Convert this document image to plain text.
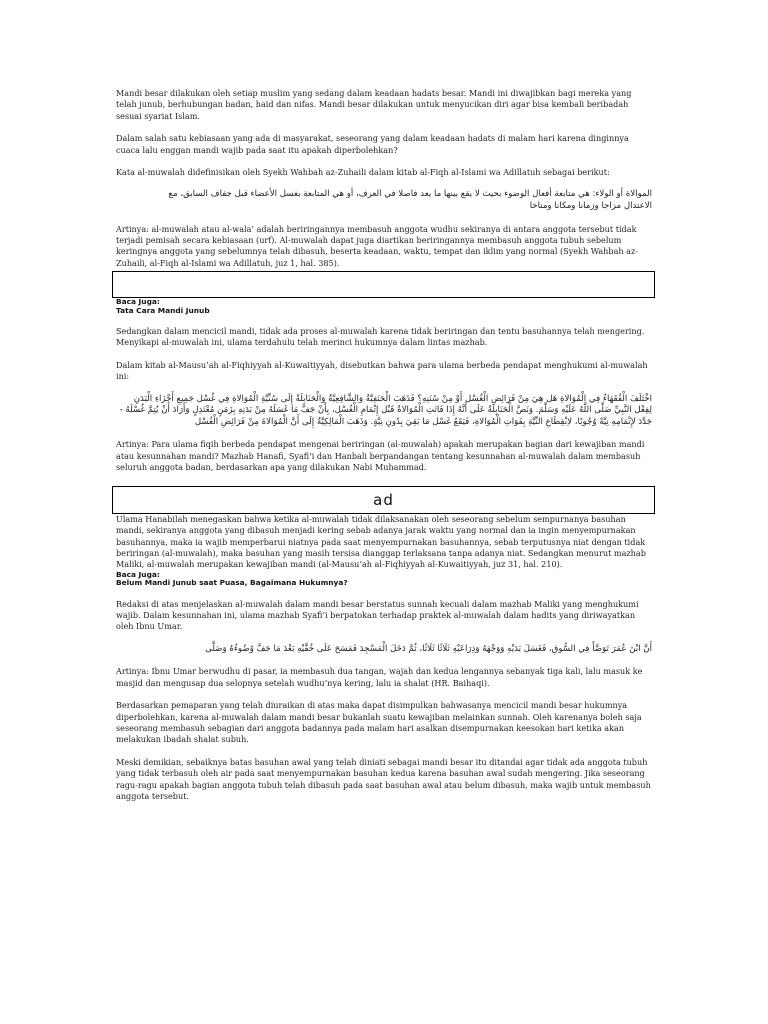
Mandi besar dilakukan oleh setiap muslim yang sedang dalam keadaan hadats besar. Mandi ini diwajibkan bagi mereka yang telah junub, berhubungan badan, haid dan nifas. Mandi besar dilakukan untuk menyucikan diri agar bisa kembali beribadah sesuai syariat Islam.

Dalam salah satu kebiasaan yang ada di masyarakat, seseorang yang dalam keadaan hadats di malam hari karena dinginnya cuaca lalu enggan mandi wajib pada saat itu apakah diperbolehkan?

Kata al-muwalah didefinisikan oleh Syekh Wahbah az-Zuhaili dalam kitab al-Fiqh al-Islami wa Adillatuh sebagai berikut:

الموالاة أو الولاء: هي متابعة أفعال الوضوء بحيث لا يقع بينها ما يعد فاصلا في العرف، أو هي المتابعة بغسل الأعضاء قبل جفاف السابق، مع الاعتدال مزاجا وزمانا ومكانا ومناخا

Artinya: al-muwalah atau al-wala’ adalah beriringannya membasuh anggota wudhu sekiranya di antara anggota tersebut tidak terjadi pemisah secara kebiasaan (urf). Al-muwalah dapat juga diartikan beriringannya membasuh anggota tubuh sebelum keringnya anggota yang sebelumnya telah dibasuh, beserta keadaan, waktu, tempat dan iklim yang normal (Syekh Wahbah az-Zuhaili, al-Fiqh al-Islami wa Adillatuh, juz 1, hal. 385).

Baca Juga:
Tata Cara Mandi Junub

Sedangkan dalam mencicil mandi, tidak ada proses al-muwalah karena tidak beriringan dan tentu basuhannya telah mengering. Menyikapi al-muwalah ini, ulama terdahulu telah merinci hukumnya dalam lintas mazhab.

Dalam kitab al-Mausu’ah al-Fiqhiyyah al-Kuwaitiyyah, disebutkan bahwa para ulama berbeda pendapat menghukumi al-muwalah ini:

اخْتَلَفَ الْفُقَهَاءُ فِي الْمُوَالاةِ هَل هِيَ مِنْ فَرَائِضِ الْغُسْل أَوْ مِنْ سُنَنِهِ؟ فَذَهَبَ الْحَنَفِيَّةُ وَالشَّافِعِيَّةُ وَالْحَنَابِلَةُ إِلَى سُنِّيَّةِ الْمُوَالاةِ فِي غُسْل جَمِيعِ أَجْزَاءِ الْبَدَنِ لِفِعْل النَّبِيِّ صَلَّى اللَّهُ عَلَيْهِ وَسَلَّمَ. وَنَصَّ الْحَنَابِلَةُ عَلَى أَنَّهُ إِذَا فَاتَتِ الْمُوَالاةُ قَبْل إِتْمَامِ الْغُسْل، بِأَنْ جَفَّ مَا غَسَلَهُ مِنْ بَدَنِهِ بِزَمَنٍ مُعْتَدِلٍ وَأَرَادَ أَنْ يُتِمَّ غُسْلَهُ - جَدَّدَ لإِتْمَامِهِ نِيَّةً وُجُوبًا، لاِنْقِطَاعِ النِّيَّةِ بِفَوَاتِ الْمُوَالاةِ، فَيَقَعُ غَسْل مَا بَقِيَ بِدُونِ نِيَّةٍ. وَذَهَبَ الْمَالِكِيَّةُ إِلَى أَنَّ الْمُوَالاةَ مِنْ فَرَائِضِ الْغُسْل

Artinya: Para ulama fiqih berbeda pendapat mengenai beriringan (al-muwalah) apakah merupakan bagian dari kewajiban mandi atau kesunnahan mandi? Mazhab Hanafi, Syafi’i dan Hanbali berpandangan tentang kesunnahan al-muwalah dalam membasuh seluruh anggota badan, berdasarkan apa yang dilakukan Nabi Muhammad.

ad

Ulama Hanabilah menegaskan bahwa ketika al-muwalah tidak dilaksanakan oleh seseorang sebelum sempurnanya basuhan mandi, sekiranya anggota yang dibasuh menjadi kering sebab adanya jarak waktu yang normal dan ia ingin menyempurnakan basuhannya, maka ia wajib memperbarui niatnya pada saat menyempurnakan basuhannya, sebab terputusnya niat dengan tidak beriringan (al-muwalah), maka basuhan yang masih tersisa dianggap terlaksana tanpa adanya niat. Sedangkan menurut mazhab Maliki, al-muwalah merupakan kewajiban mandi (al-Mausu’ah al-Fiqhiyyah al-Kuwaitiyyah, juz 31, hal. 210).

Baca Juga:
Belum Mandi Junub saat Puasa, Bagaimana Hukumnya?

Redaksi di atas menjelaskan al-muwalah dalam mandi besar berstatus sunnah kecuali dalam mazhab Maliki yang menghukumi wajib. Dalam kesunnahan ini, ulama mazhab Syafi’i berpatokan terhadap praktek al-muwalah dalam hadits yang diriwayatkan oleh Ibnu Umar.

أَنَّ ابْنَ عُمَرَ تَوَضَّأَ فِي السُّوقِ، فَغَسَلَ يَدَيْهِ وَوَجْهَهُ وَذِرَاعَيْهِ ثَلَاثًا ثَلَاثًا، ثُمَّ دَخَلَ الْمَسْجِدَ فَمَسَحَ عَلَى خُفَّيْهِ بَعْدَ مَا جَفَّ وُضُوءُهُ وَصَلَّى

Artinya: Ibnu Umar berwudhu di pasar, ia membasuh dua tangan, wajah dan kedua lengannya sebanyak tiga kali, lalu masuk ke masjid dan mengusap dua selopnya setelah wudhu’nya kering, lalu ia shalat (HR. Baihaqi).

Berdasarkan pemaparan yang telah diuraikan di atas maka dapat disimpulkan bahwasanya mencicil mandi besar hukumnya diperbolehkan, karena al-muwalah dalam mandi besar bukanlah suatu kewajiban melainkan sunnah. Oleh karenanya boleh saja seseorang membasuh sebagian dari anggota badannya pada malam hari asalkan disempurnakan keesokan hari ketika akan melakukan ibadah shalat subuh.

Meski demikian, sebaiknya batas basuhan awal yang telah diniati sebagai mandi besar itu ditandai agar tidak ada anggota tubuh yang tidak terbasuh oleh air pada saat menyempurnakan basuhan kedua karena basuhan awal sudah mengering. Jika seseorang ragu-ragu apakah bagian anggota tubuh telah dibasuh pada saat basuhan awal atau belum dibasuh, maka wajib untuk membasuh anggota tersebut.
